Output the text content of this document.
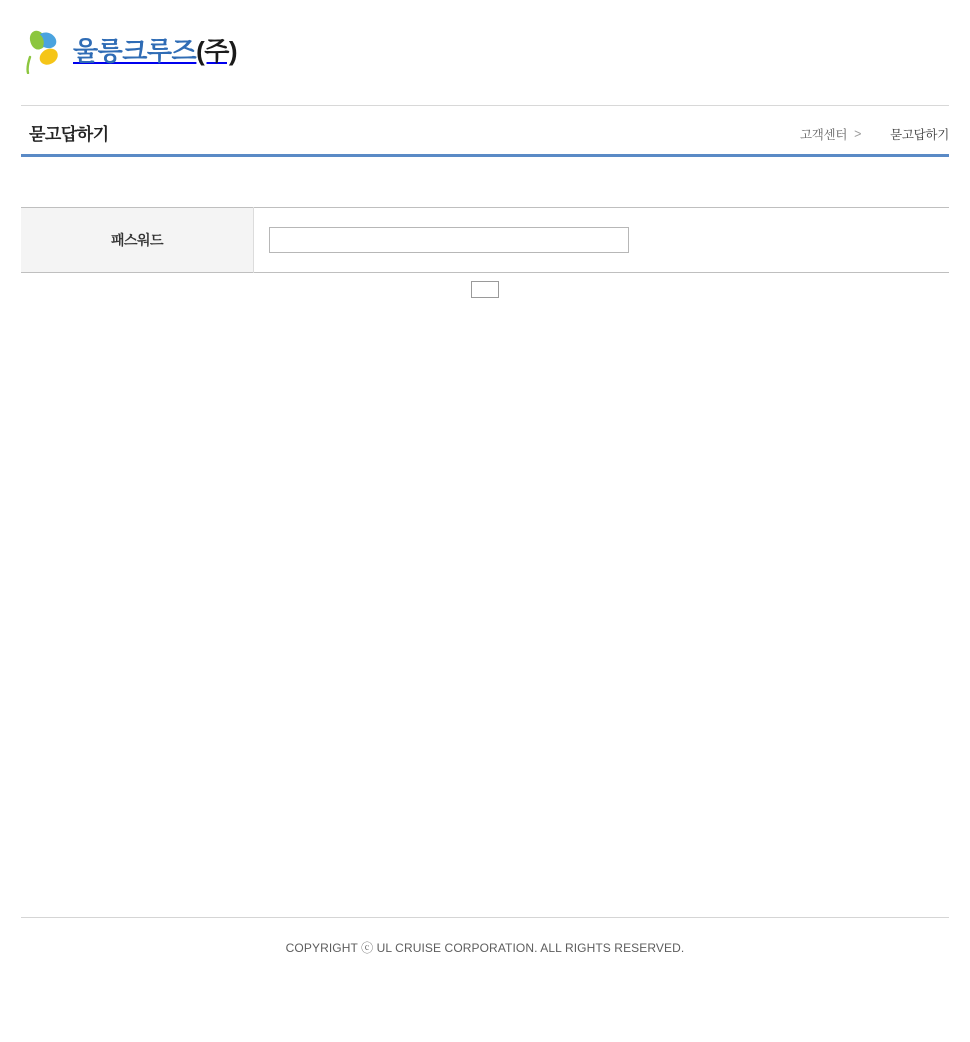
울릉크루즈(주)
묻고답하기	고객센터 > 묻고답하기
패스워드	
COPYRIGHT ⓒ UL CRUISE CORPORATION. ALL RIGHTS RESERVED.
